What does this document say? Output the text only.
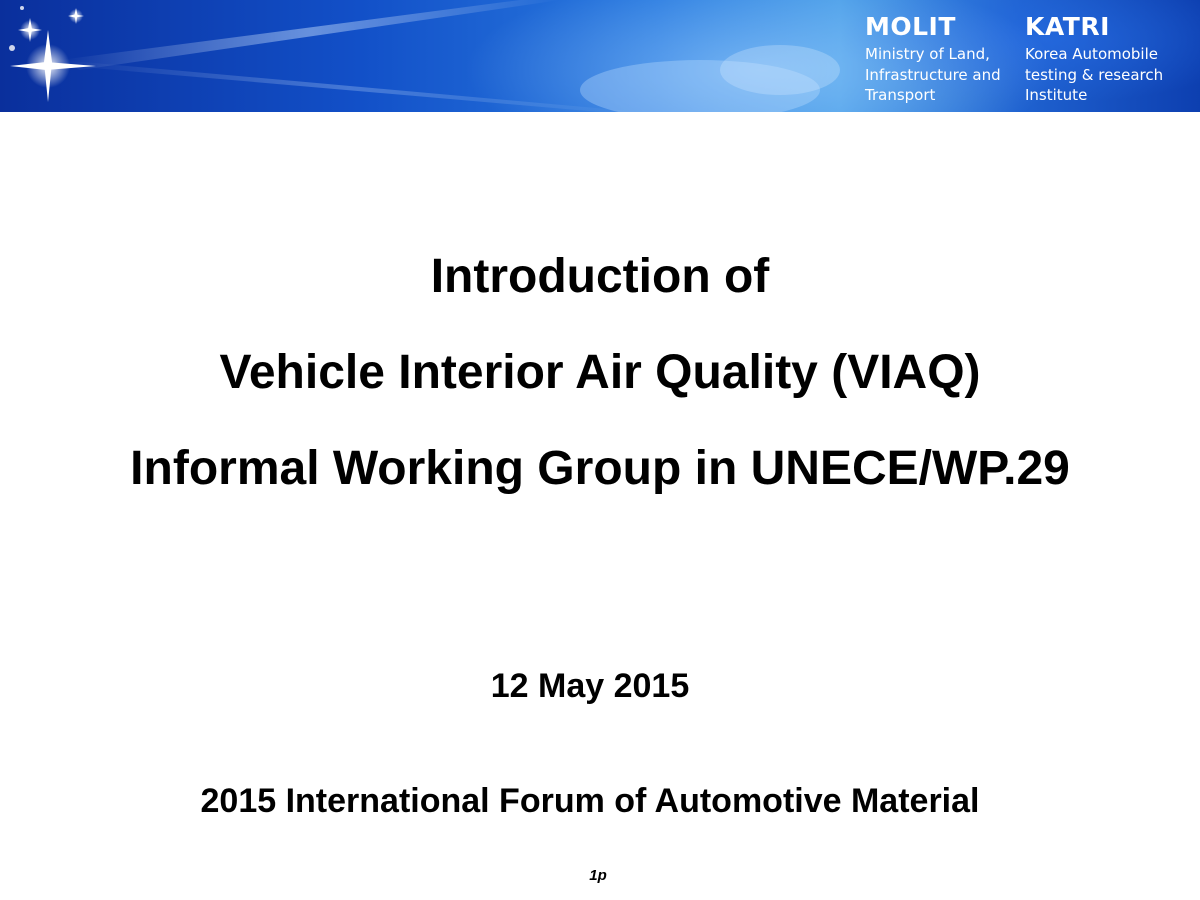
MOLIT
Ministry of Land,
Infrastructure and
Transport
KATRI
Korea Automobile
testing & research
Institute
Introduction of
Vehicle Interior Air Quality (VIAQ)
Informal Working Group in UNECE/WP.29
12 May 2015
2015 International Forum of Automotive Material
1p
